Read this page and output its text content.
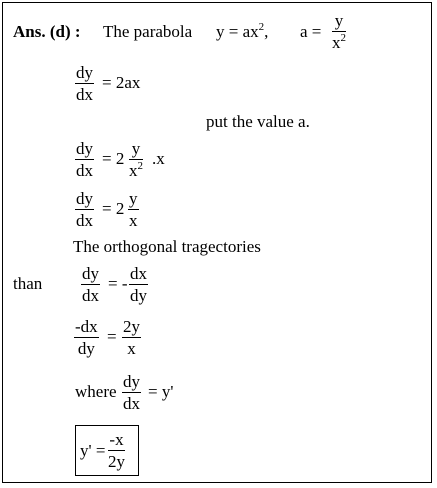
Ans. (d) : The parabola $y = ax^2$, $a = \frac{y}{x^2}$
$\frac{dy}{dx} = 2ax$
put the value a.
$\frac{dy}{dx} = 2 \frac{y}{x^2} .x$
$\frac{dy}{dx} = 2 \frac{y}{x}$
The orthogonal tragectories
than $\frac{dy}{dx}$ = - $\frac{dx}{dy}$
$\frac{-dx}{dy} = \frac{2y}{x}$
where $\frac{dy}{dx} = y'$
$y' = \frac{-x}{2y}$
